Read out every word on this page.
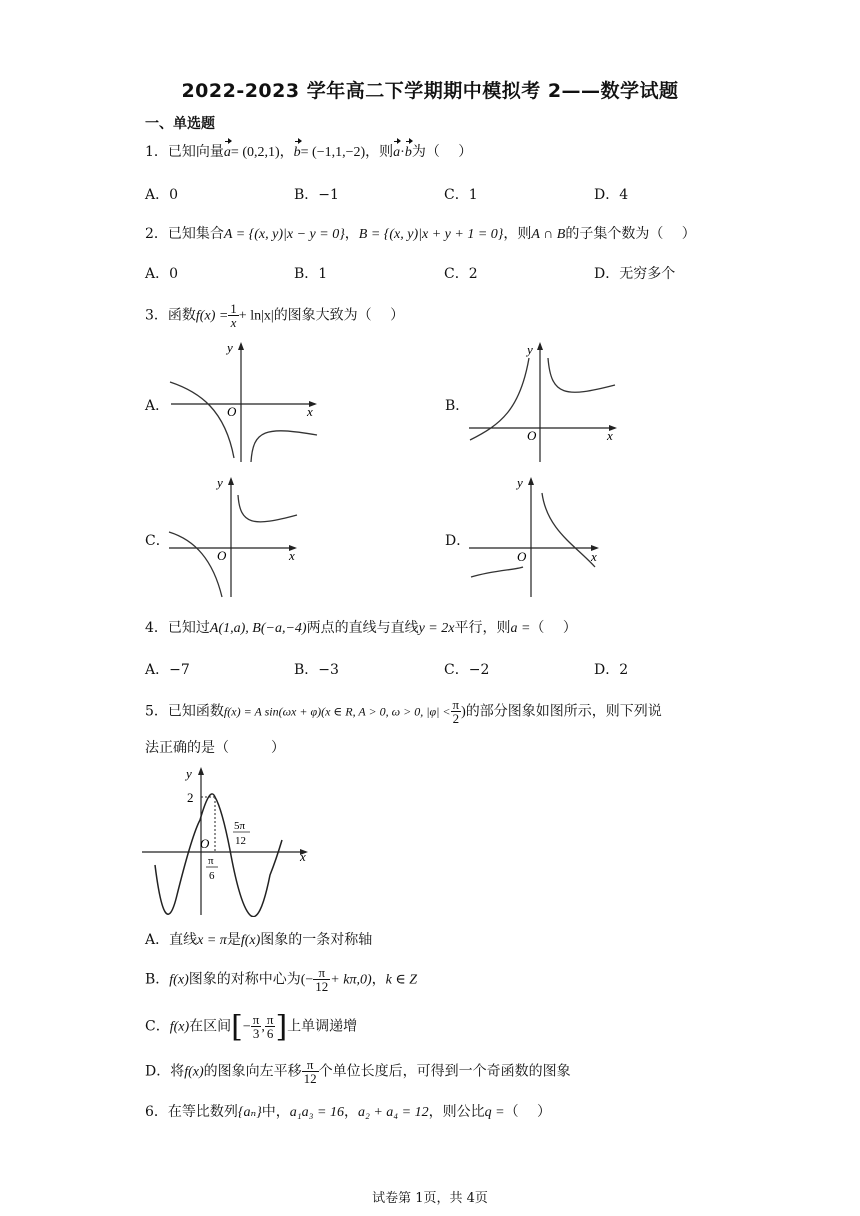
2022-2023 学年高二下学期期中模拟考 2——数学试题
一、单选题
1．已知向量a= (0,2,1)，b= (−1,1,−2)，则a·b为（　 ）
A．0	B．−1	C．1	D．4
2．已知集合A = {(x, y)|x − y = 0}，B = {(x, y)|x + y + 1 = 0}，则A ∩ B的子集个数为（　 ）
A．0	B．1	C．2	D．无穷多个
3．函数$f(x) = \frac{1}{x} + \ln|x|$的图象大致为（　 ）
A．
y
x
O	B．
y
x
O
C．
y
x
O
D．
y
x
O
4．已知过A(1,a), B(−a,−4)两点的直线与直线y = 2x平行，则a =（　 ）
A．−7	B．−3	C．−2	D．2
5．已知函数f(x) = A sin(ωx + φ)(x ∈ R, A > 0, ω > 0, $|\varphi| < \frac{\pi}{2}$ )的部分图象如图所示，则下列说
法正确的是（　　　）
y
x
2
O
π
6
5π
12
A．直线x = π是f(x)图象的一条对称轴
B．f(x)图象的对称中心为(− $\frac{\pi}{12} + k\pi,0$)，k ∈ Z
C．f(x)在区间[− $\frac{\pi}{3}$ , $\frac{\pi}{6}$ ]上单调递增
D．将f(x)的图象向左平移 $\frac{\pi}{12}$ 个单位长度后，可得到一个奇函数的图象
6．在等比数列{aₙ}中，a₁a₃ = 16，a₂ + a₄ = 12，则公比q =（　 ）
试卷第 1页，共 4页
